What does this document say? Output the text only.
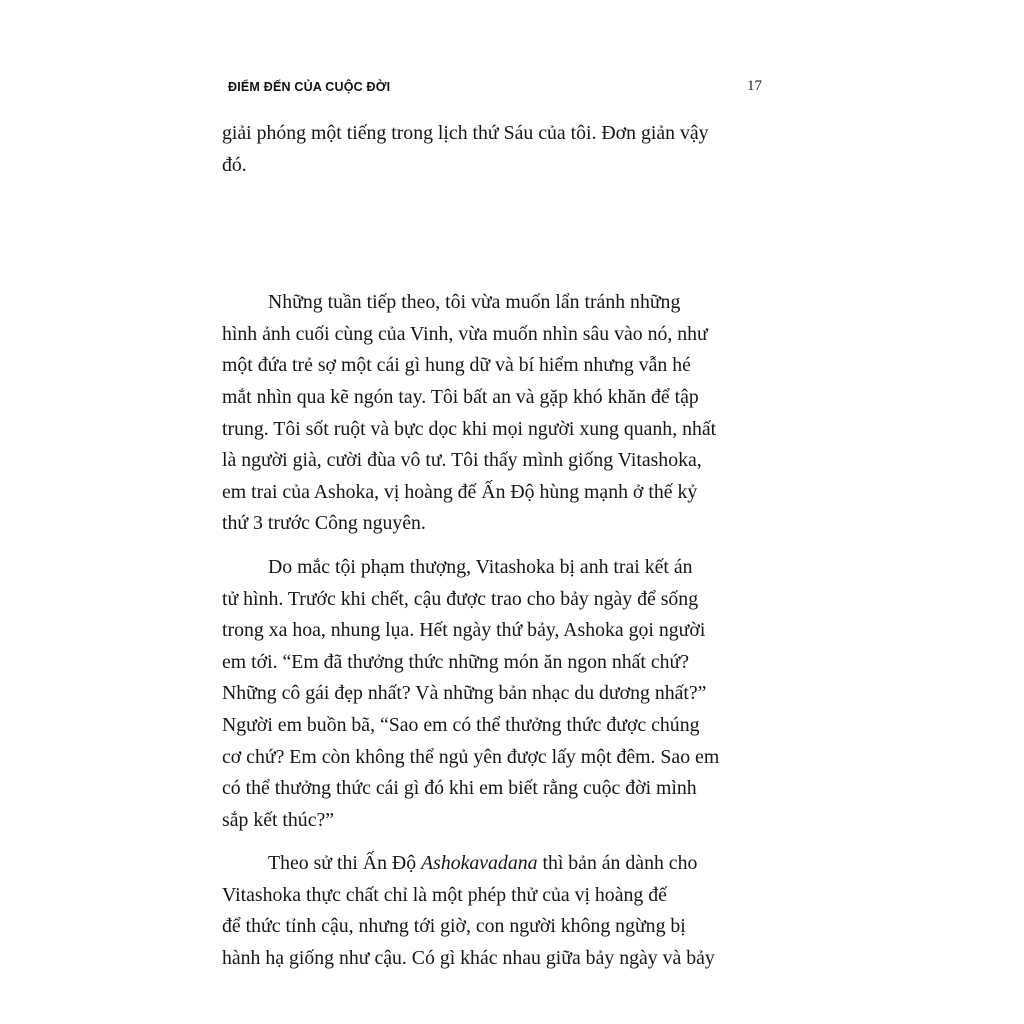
ĐIỂM ĐẾN CỦA CUỘC ĐỜI	17
giải phóng một tiếng trong lịch thứ Sáu của tôi. Đơn giản vậy
đó.
Những tuần tiếp theo, tôi vừa muốn lẩn tránh những
hình ảnh cuối cùng của Vinh, vừa muốn nhìn sâu vào nó, như
một đứa trẻ sợ một cái gì hung dữ và bí hiểm nhưng vẫn hé
mắt nhìn qua kẽ ngón tay. Tôi bất an và gặp khó khăn để tập
trung. Tôi sốt ruột và bực dọc khi mọi người xung quanh, nhất
là người già, cười đùa vô tư. Tôi thấy mình giống Vitashoka,
em trai của Ashoka, vị hoàng đế Ấn Độ hùng mạnh ở thế kỷ
thứ 3 trước Công nguyên.
Do mắc tội phạm thượng, Vitashoka bị anh trai kết án
tử hình. Trước khi chết, cậu được trao cho bảy ngày để sống
trong xa hoa, nhung lụa. Hết ngày thứ bảy, Ashoka gọi người
em tới. “Em đã thưởng thức những món ăn ngon nhất chứ?
Những cô gái đẹp nhất? Và những bản nhạc du dương nhất?”
Người em buồn bã, “Sao em có thể thưởng thức được chúng
cơ chứ? Em còn không thể ngủ yên được lấy một đêm. Sao em
có thể thưởng thức cái gì đó khi em biết rằng cuộc đời mình
sắp kết thúc?”
Theo sử thi Ấn Độ Ashokavadana thì bản án dành cho
Vitashoka thực chất chỉ là một phép thử của vị hoàng đế
để thức tỉnh cậu, nhưng tới giờ, con người không ngừng bị
hành hạ giống như cậu. Có gì khác nhau giữa bảy ngày và bảy
